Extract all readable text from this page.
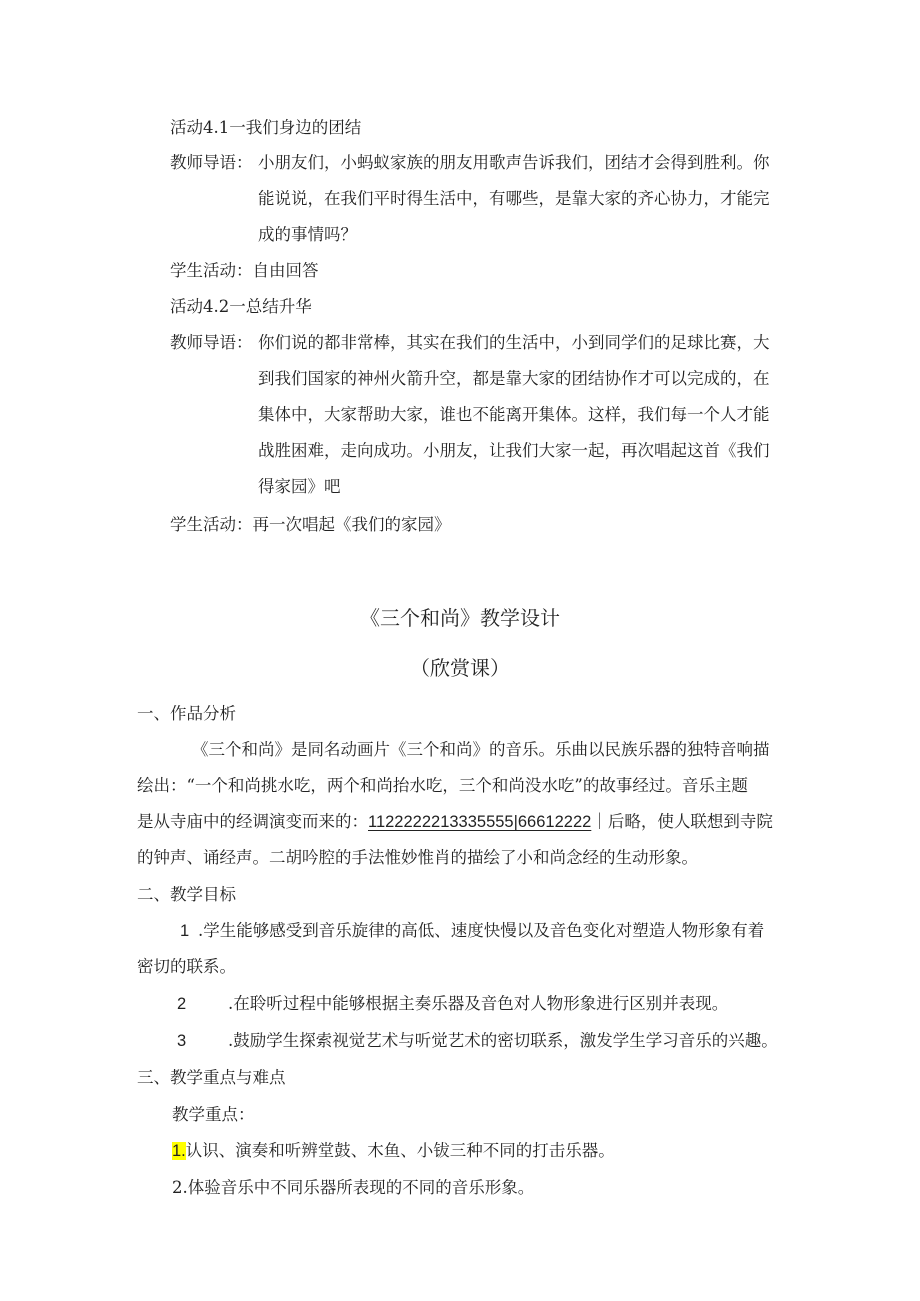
活动4.1一我们身边的团结
教师导语： 小朋友们，小蚂蚁家族的朋友用歌声告诉我们，团结才会得到胜利。你
能说说，在我们平时得生活中，有哪些，是靠大家的齐心协力，才能完
成的事情吗？
学生活动：自由回答
活动4.2一总结升华
教师导语： 你们说的都非常棒，其实在我们的生活中，小到同学们的足球比赛，大
到我们国家的神州火箭升空，都是靠大家的团结协作才可以完成的，在
集体中，大家帮助大家，谁也不能离开集体。这样，我们每一个人才能
战胜困难，走向成功。小朋友，让我们大家一起，再次唱起这首《我们
得家园》吧
学生活动：再一次唱起《我们的家园》
《三个和尚》教学设计
（欣赏课）
一、作品分析
《三个和尚》是同名动画片《三个和尚》的音乐。乐曲以民族乐器的独特音响描
绘出：“一个和尚挑水吃，两个和尚抬水吃，三个和尚没水吃”的故事经过。音乐主题
是从寺庙中的经调演变而来的：1122222213335555|66612222｜后略，使人联想到寺院
的钟声、诵经声。二胡吟腔的手法惟妙惟肖的描绘了小和尚念经的生动形象。
二、教学目标
1 .学生能够感受到音乐旋律的高低、速度快慢以及音色变化对塑造人物形象有着
密切的联系。
2	.在聆听过程中能够根据主奏乐器及音色对人物形象进行区别并表现。
3	.鼓励学生探索视觉艺术与听觉艺术的密切联系，激发学生学习音乐的兴趣。
三、教学重点与难点
教学重点：
1.认识、演奏和听辨堂鼓、木鱼、小钹三种不同的打击乐器。
2.体验音乐中不同乐器所表现的不同的音乐形象。
